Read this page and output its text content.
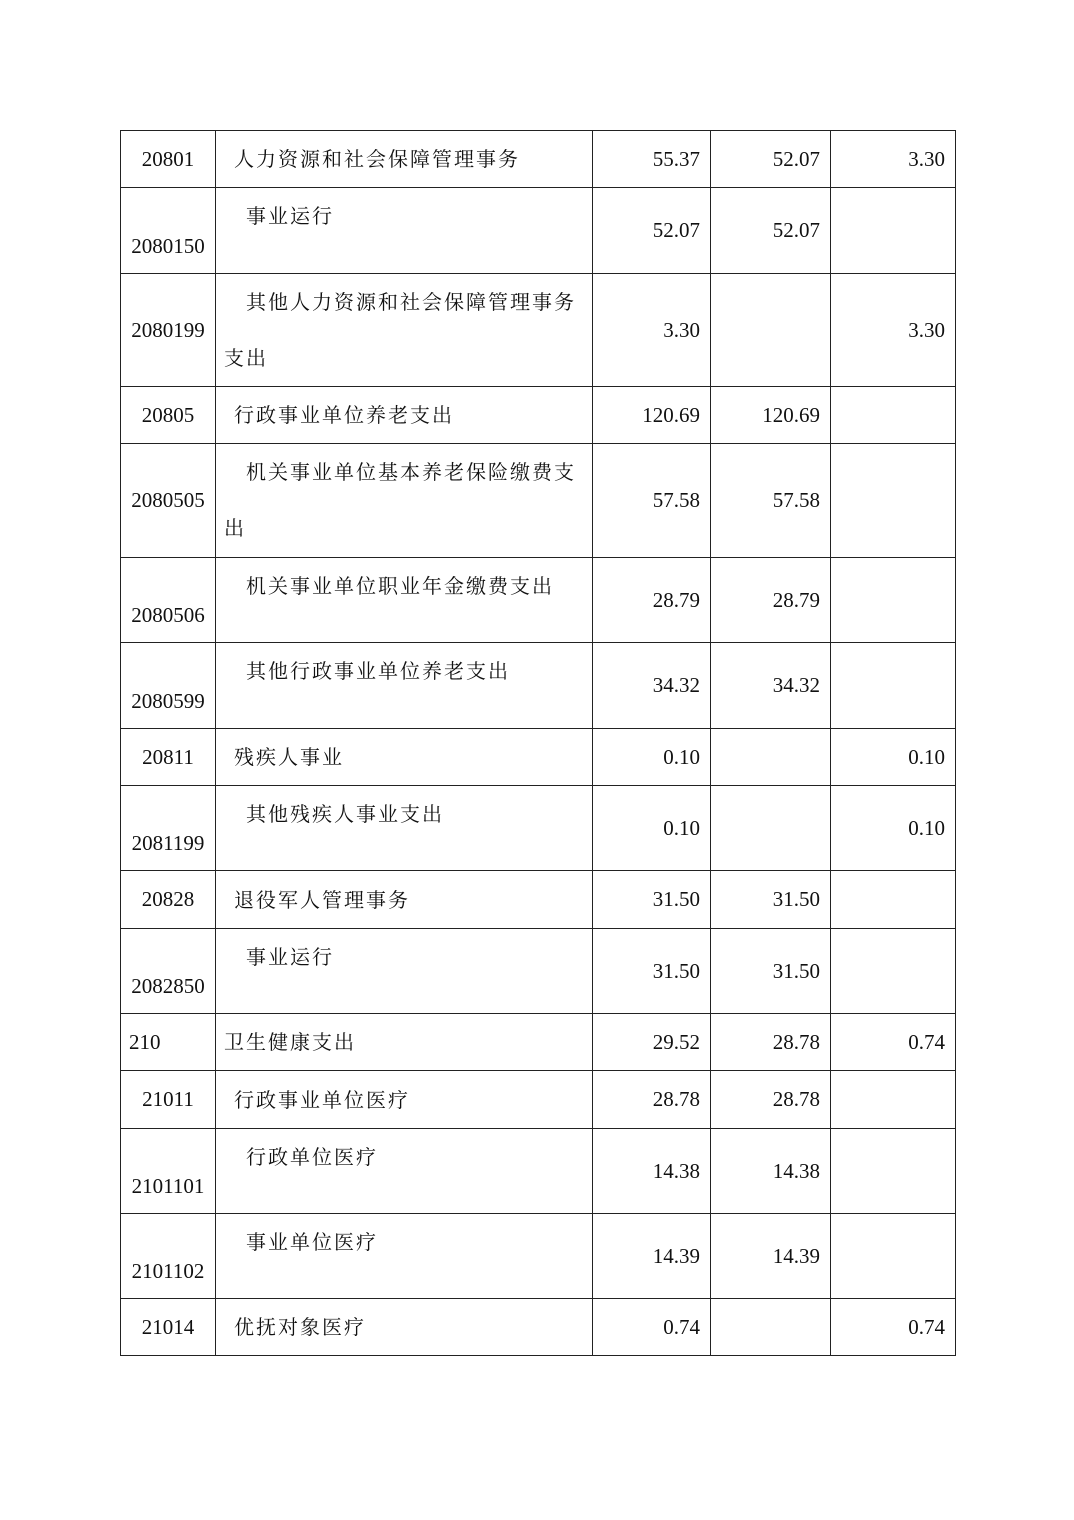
20801	人力资源和社会保障管理事务	55.37	52.07	3.30
2080150	事业运行	52.07	52.07	
2080199	其他人力资源和社会保障管理事务支出	3.30		3.30
20805	行政事业单位养老支出	120.69	120.69	
2080505	机关事业单位基本养老保险缴费支出	57.58	57.58	
2080506	机关事业单位职业年金缴费支出	28.79	28.79	
2080599	其他行政事业单位养老支出	34.32	34.32	
20811	残疾人事业	0.10		0.10
2081199	其他残疾人事业支出	0.10		0.10
20828	退役军人管理事务	31.50	31.50	
2082850	事业运行	31.50	31.50	
210	卫生健康支出	29.52	28.78	0.74
21011	行政事业单位医疗	28.78	28.78	
2101101	行政单位医疗	14.38	14.38	
2101102	事业单位医疗	14.39	14.39	
21014	优抚对象医疗	0.74		0.74
